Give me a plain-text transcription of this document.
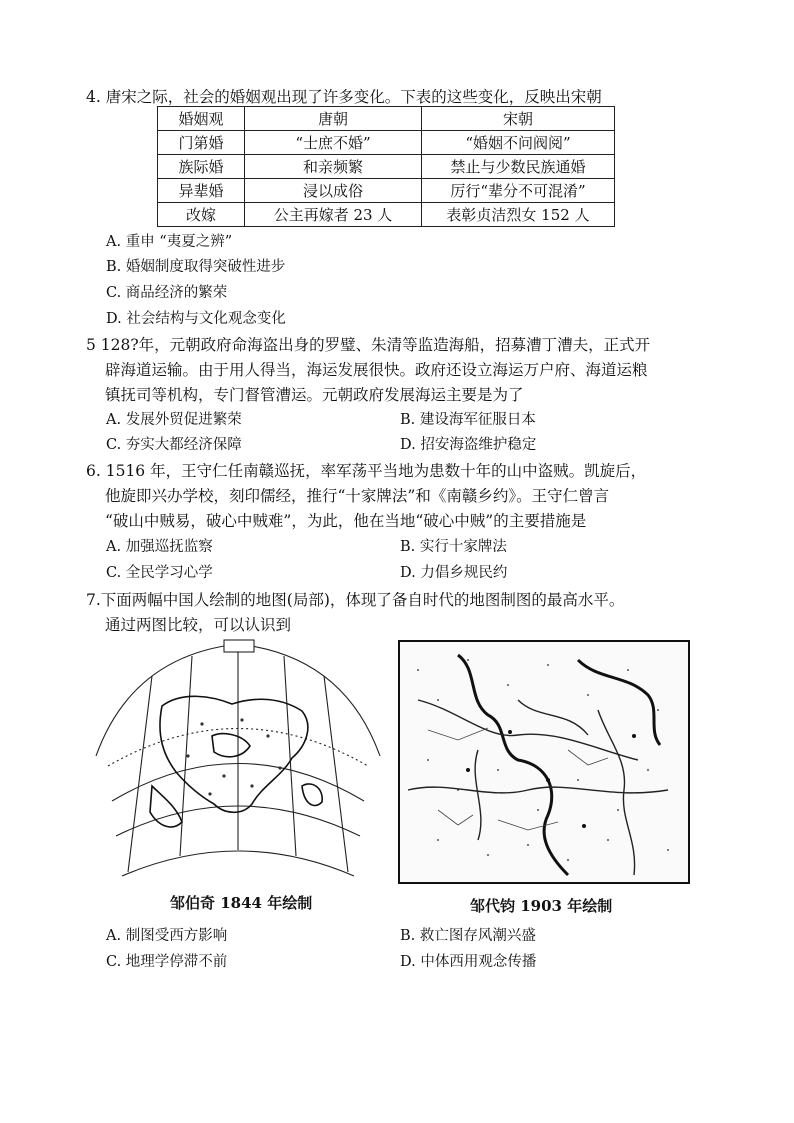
4. 唐宋之际，社会的婚姻观出现了许多变化。下表的这些变化，反映出宋朝
婚姻观	唐朝	宋朝
门第婚	“士庶不婚”	“婚姻不问阀阅”
族际婚	和亲频繁	禁止与少数民族通婚
异辈婚	浸以成俗	厉行“辈分不可混淆”
改嫁	公主再嫁者 23 人	表彰贞洁烈女 152 人
A. 重申 “夷夏之辨”
B. 婚姻制度取得突破性进步
C. 商品经济的繁荣
D. 社会结构与文化观念变化
5 128?年，元朝政府命海盗出身的罗璧、朱清等监造海船，招募漕丁漕夫，正式开
辟海道运输。由于用人得当，海运发展很快。政府还设立海运万户府、海道运粮
镇抚司等机构，专门督管漕运。元朝政府发展海运主要是为了
A. 发展外贸促进繁荣	B. 建设海军征服日本
C. 夯实大都经济保障	D. 招安海盗维护稳定
6. 1516 年，王守仁任南赣巡抚，率军荡平当地为患数十年的山中盗贼。凯旋后，
他旋即兴办学校，刻印儒经，推行“十家牌法”和《南赣乡约》。王守仁曾言
“破山中贼易，破心中贼难”，为此，他在当地“破心中贼”的主要措施是
A. 加强巡抚监察	B. 实行十家牌法
C. 全民学习心学	D. 力倡乡规民约
7.下面两幅中国人绘制的地图(局部)，体现了备自时代的地图制图的最高水平。
通过两图比较，可以认识到
邹伯奇 1844 年绘制	邹代钧 1903 年绘制
A. 制图受西方影响	B. 救亡图存风潮兴盛
C. 地理学停滞不前	D. 中体西用观念传播
